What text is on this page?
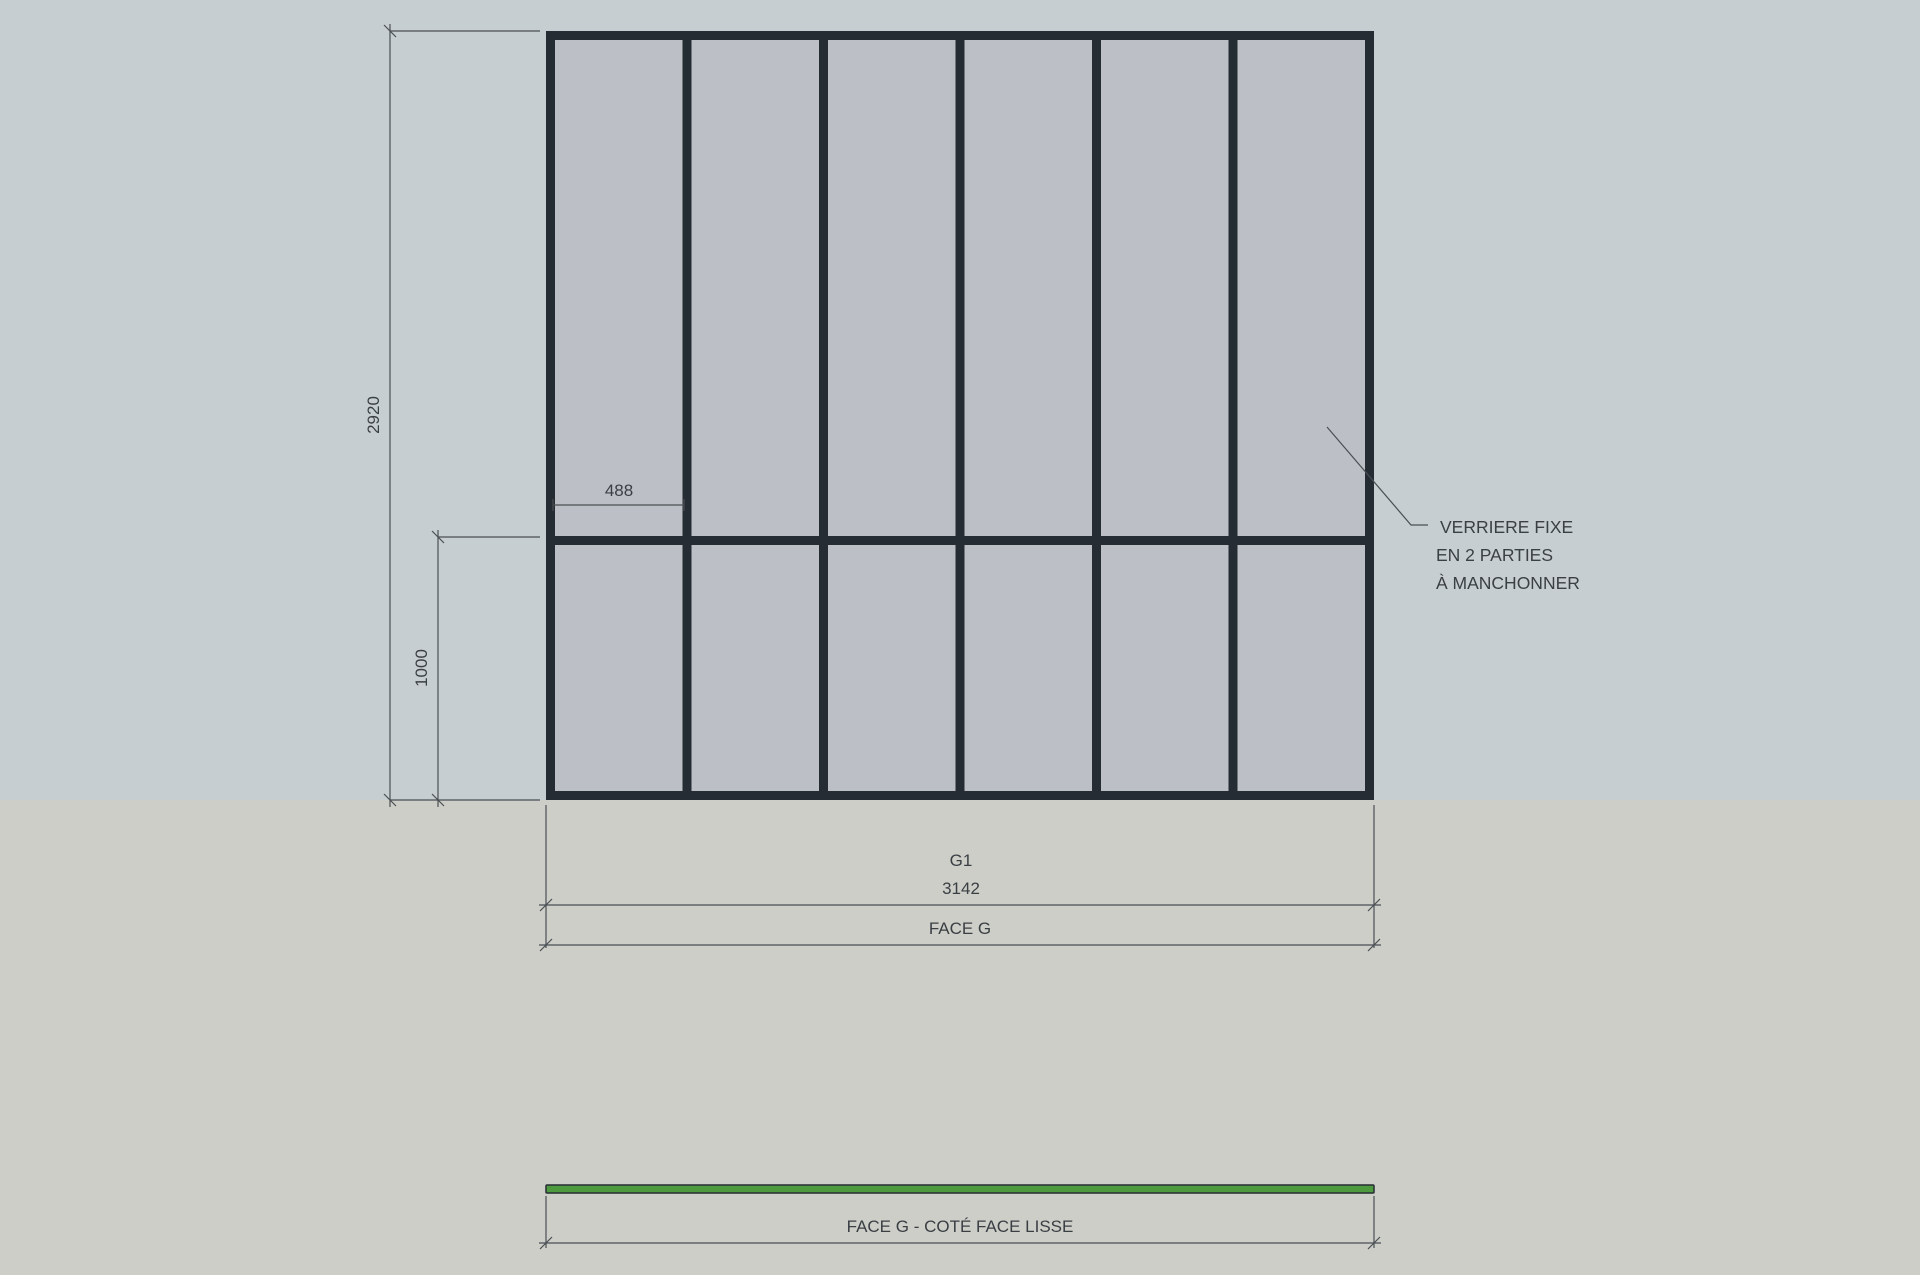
2920
1000
488
G1
3142
FACE G
VERRIERE FIXE
EN 2 PARTIES
À MANCHONNER
FACE G - COTÉ FACE LISSE
